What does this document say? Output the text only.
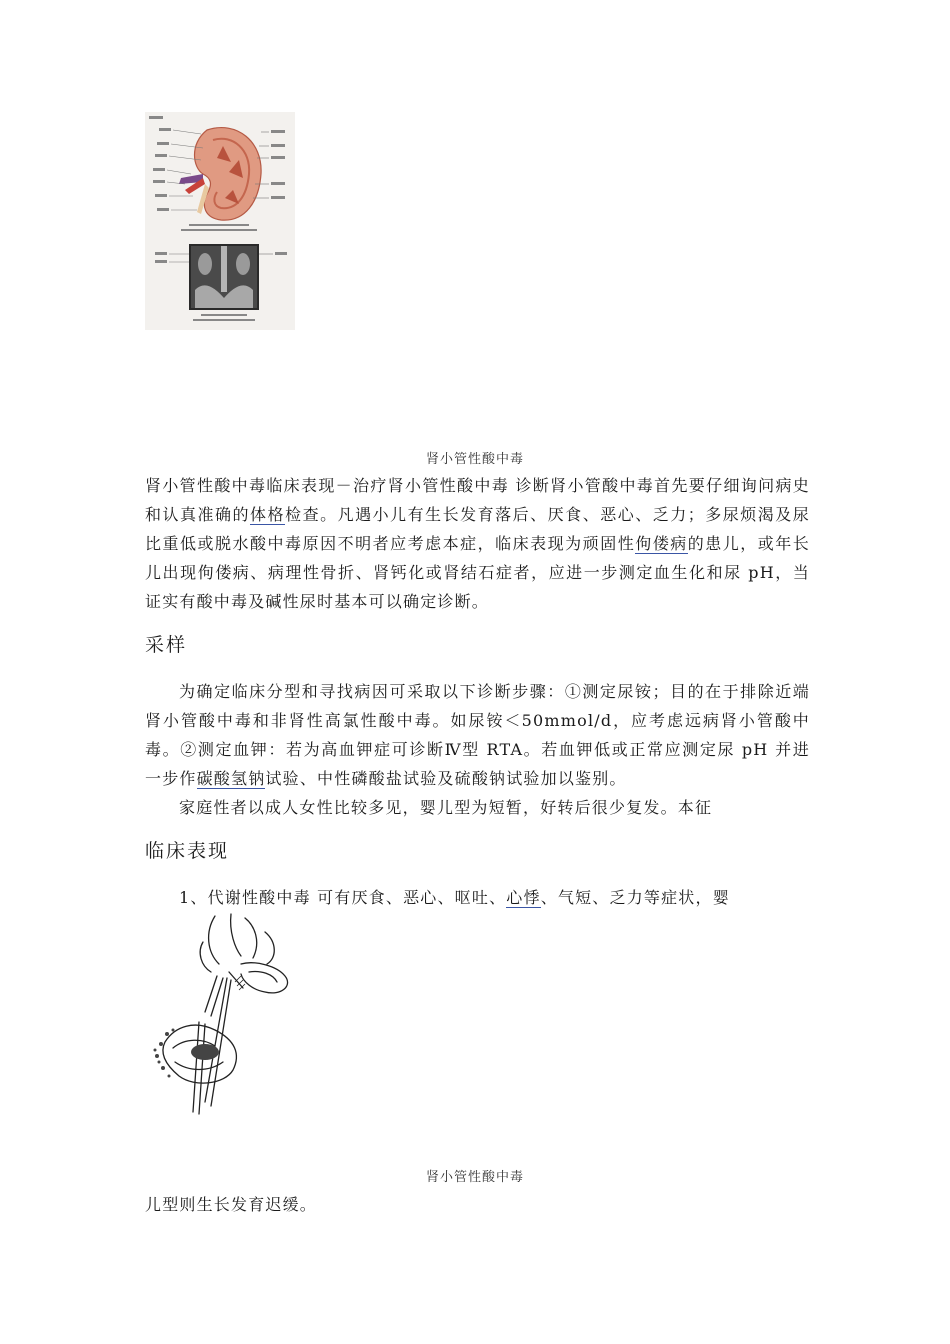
肾小管性酸中毒
肾小管性酸中毒临床表现－治疗肾小管性酸中毒 诊断肾小管酸中毒首先要仔细询问病史和认真准确的体格检查。凡遇小儿有生长发育落后、厌食、恶心、乏力；多尿烦渴及尿比重低或脱水酸中毒原因不明者应考虑本症，临床表现为顽固性佝偻病的患儿，或年长儿出现佝偻病、病理性骨折、肾钙化或肾结石症者，应进一步测定血生化和尿 pH，当证实有酸中毒及碱性尿时基本可以确定诊断。
采样
为确定临床分型和寻找病因可采取以下诊断步骤：①测定尿铵；目的在于排除近端肾小管酸中毒和非肾性高氯性酸中毒。如尿铵＜50mmol/d，应考虑远病肾小管酸中毒。②测定血钾：若为高血钾症可诊断Ⅳ型 RTA。若血钾低或正常应测定尿 pH 并进一步作碳酸氢钠试验、中性磷酸盐试验及硫酸钠试验加以鉴别。
家庭性者以成人女性比较多见，婴儿型为短暂，好转后很少复发。本征
临床表现
1、代谢性酸中毒 可有厌食、恶心、呕吐、心悸、气短、乏力等症状，婴
肾小管性酸中毒
儿型则生长发育迟缓。
